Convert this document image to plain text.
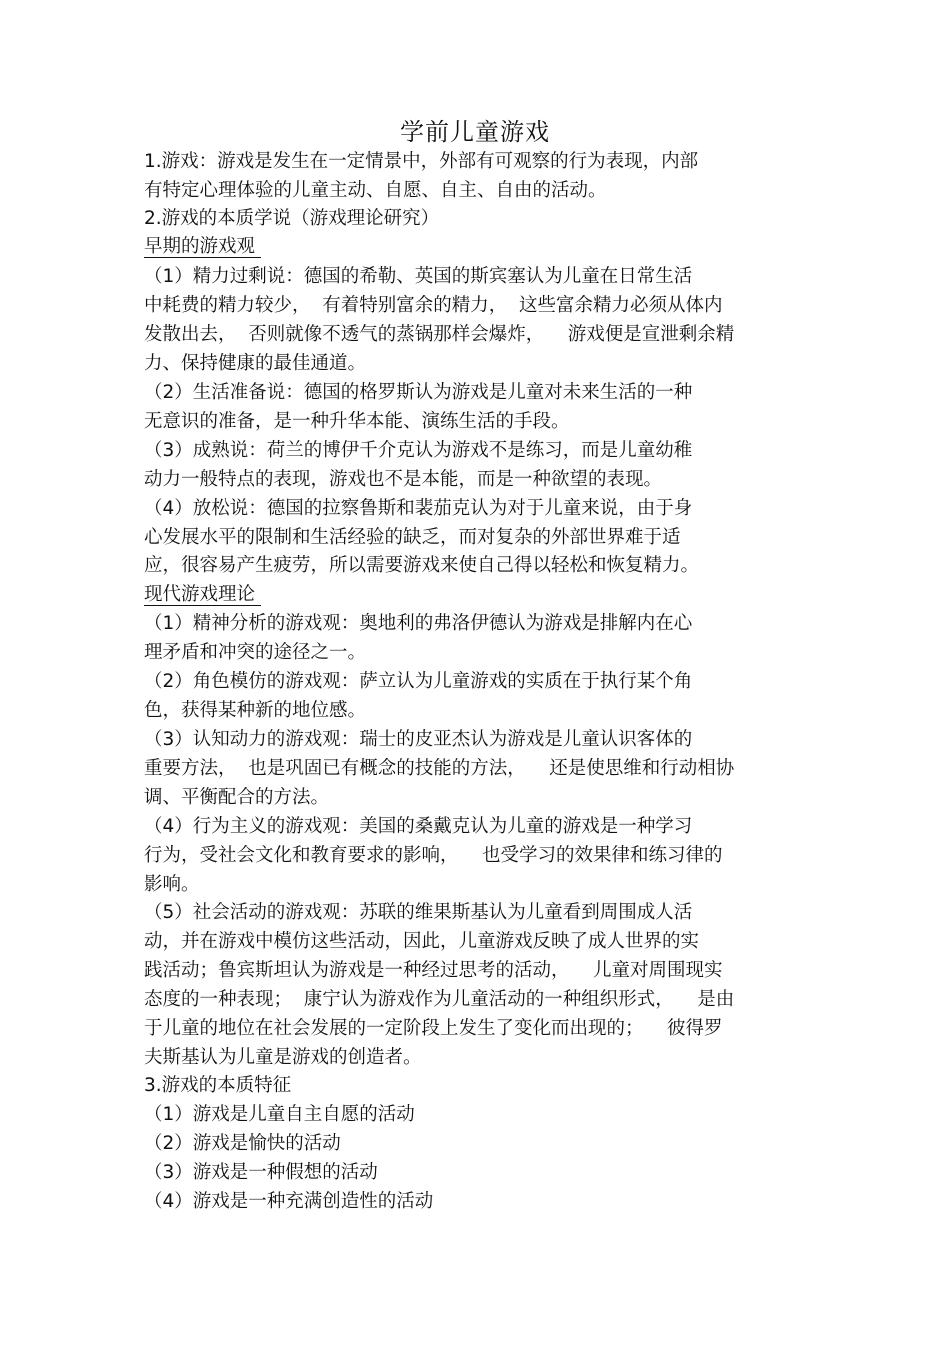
学前儿童游戏
1.游戏：游戏是发生在一定情景中，外部有可观察的行为表现，内部
有特定心理体验的儿童主动、自愿、自主、自由的活动。
2.游戏的本质学说（游戏理论研究）
早期的游戏观
（1）精力过剩说：德国的希勒、英国的斯宾塞认为儿童在日常生活
中耗费的精力较少，  有着特别富余的精力，  这些富余精力必须从体内
发散出去，  否则就像不透气的蒸锅那样会爆炸，    游戏便是宣泄剩余精
力、保持健康的最佳通道。
（2）生活准备说：德国的格罗斯认为游戏是儿童对未来生活的一种
无意识的准备，是一种升华本能、演练生活的手段。
（3）成熟说：荷兰的博伊千介克认为游戏不是练习，而是儿童幼稚
动力一般特点的表现，游戏也不是本能，而是一种欲望的表现。
（4）放松说：德国的拉察鲁斯和裴茄克认为对于儿童来说，由于身
心发展水平的限制和生活经验的缺乏，而对复杂的外部世界难于适
应，很容易产生疲劳，所以需要游戏来使自己得以轻松和恢复精力。
现代游戏理论
（1）精神分析的游戏观：奥地利的弗洛伊德认为游戏是排解内在心
理矛盾和冲突的途径之一。
（2）角色模仿的游戏观：萨立认为儿童游戏的实质在于执行某个角
色，获得某种新的地位感。
（3）认知动力的游戏观：瑞士的皮亚杰认为游戏是儿童认识客体的
重要方法，  也是巩固已有概念的技能的方法，    还是使思维和行动相协
调、平衡配合的方法。
（4）行为主义的游戏观：美国的桑戴克认为儿童的游戏是一种学习
行为，受社会文化和教育要求的影响，    也受学习的效果律和练习律的
影响。
（5）社会活动的游戏观：苏联的维果斯基认为儿童看到周围成人活
动，并在游戏中模仿这些活动，因此，儿童游戏反映了成人世界的实
践活动；鲁宾斯坦认为游戏是一种经过思考的活动，    儿童对周围现实
态度的一种表现；  康宁认为游戏作为儿童活动的一种组织形式，    是由
于儿童的地位在社会发展的一定阶段上发生了变化而出现的；    彼得罗
夫斯基认为儿童是游戏的创造者。
3.游戏的本质特征
（1）游戏是儿童自主自愿的活动
（2）游戏是愉快的活动
（3）游戏是一种假想的活动
（4）游戏是一种充满创造性的活动
